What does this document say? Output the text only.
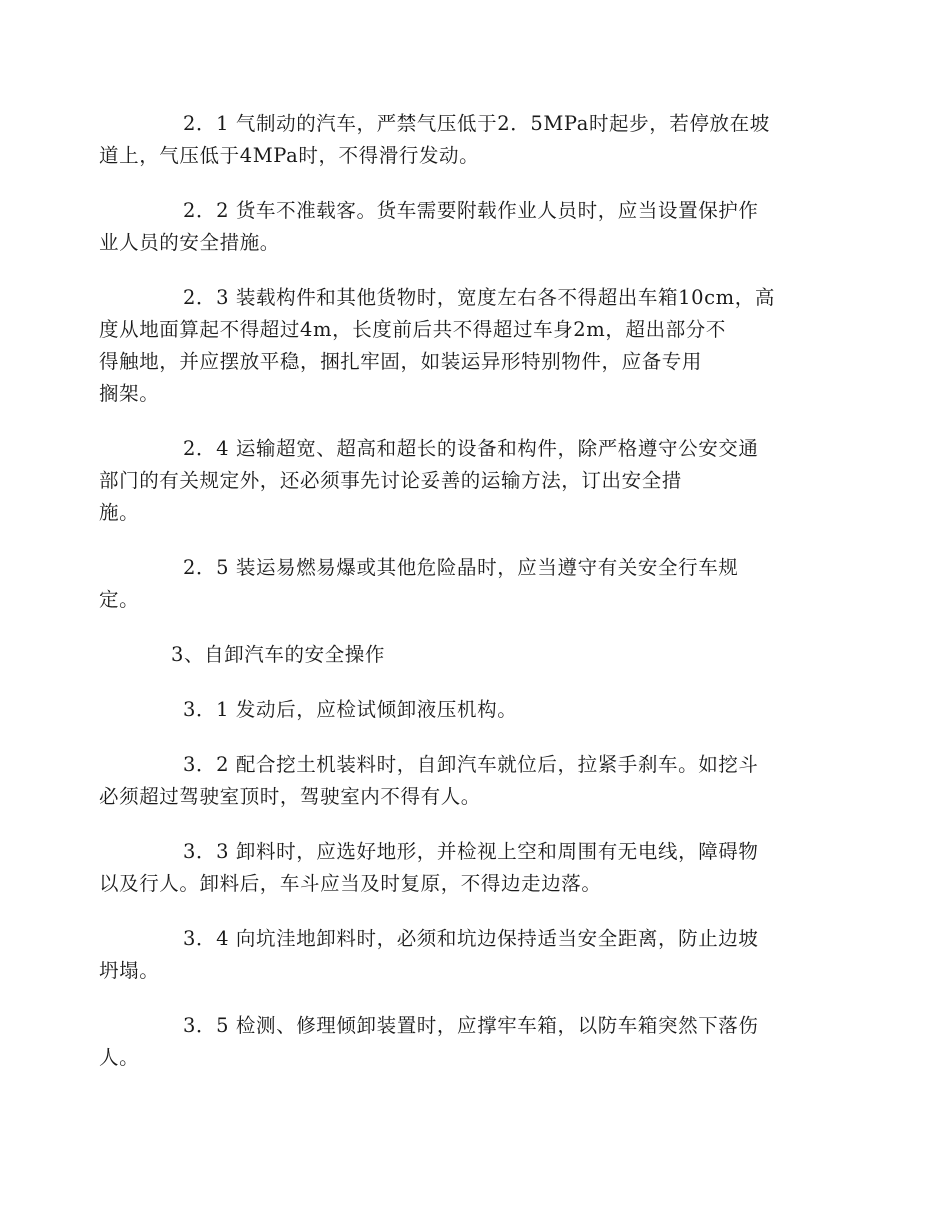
2．1 气制动的汽车，严禁气压低于2．5MPa时起步，若停放在坡
道上，气压低于4MPa时，不得滑行发动。

2．2 货车不准载客。货车需要附载作业人员时，应当设置保护作
业人员的安全措施。

2．3 装载构件和其他货物时，宽度左右各不得超出车箱10cm，高
度从地面算起不得超过4m，长度前后共不得超过车身2m，超出部分不
得触地，并应摆放平稳，捆扎牢固，如装运异形特别物件，应备专用
搁架。

2．4 运输超宽、超高和超长的设备和构件，除严格遵守公安交通
部门的有关规定外，还必须事先讨论妥善的运输方法，订出安全措
施。

2．5 装运易燃易爆或其他危险晶时，应当遵守有关安全行车规
定。

3、自卸汽车的安全操作

3．1 发动后，应检试倾卸液压机构。

3．2 配合挖土机装料时，自卸汽车就位后，拉紧手刹车。如挖斗
必须超过驾驶室顶时，驾驶室内不得有人。

3．3 卸料时，应选好地形，并检视上空和周围有无电线，障碍物
以及行人。卸料后，车斗应当及时复原，不得边走边落。

3．4 向坑洼地卸料时，必须和坑边保持适当安全距离，防止边坡
坍塌。

3．5 检测、修理倾卸装置时，应撑牢车箱，以防车箱突然下落伤
人。
